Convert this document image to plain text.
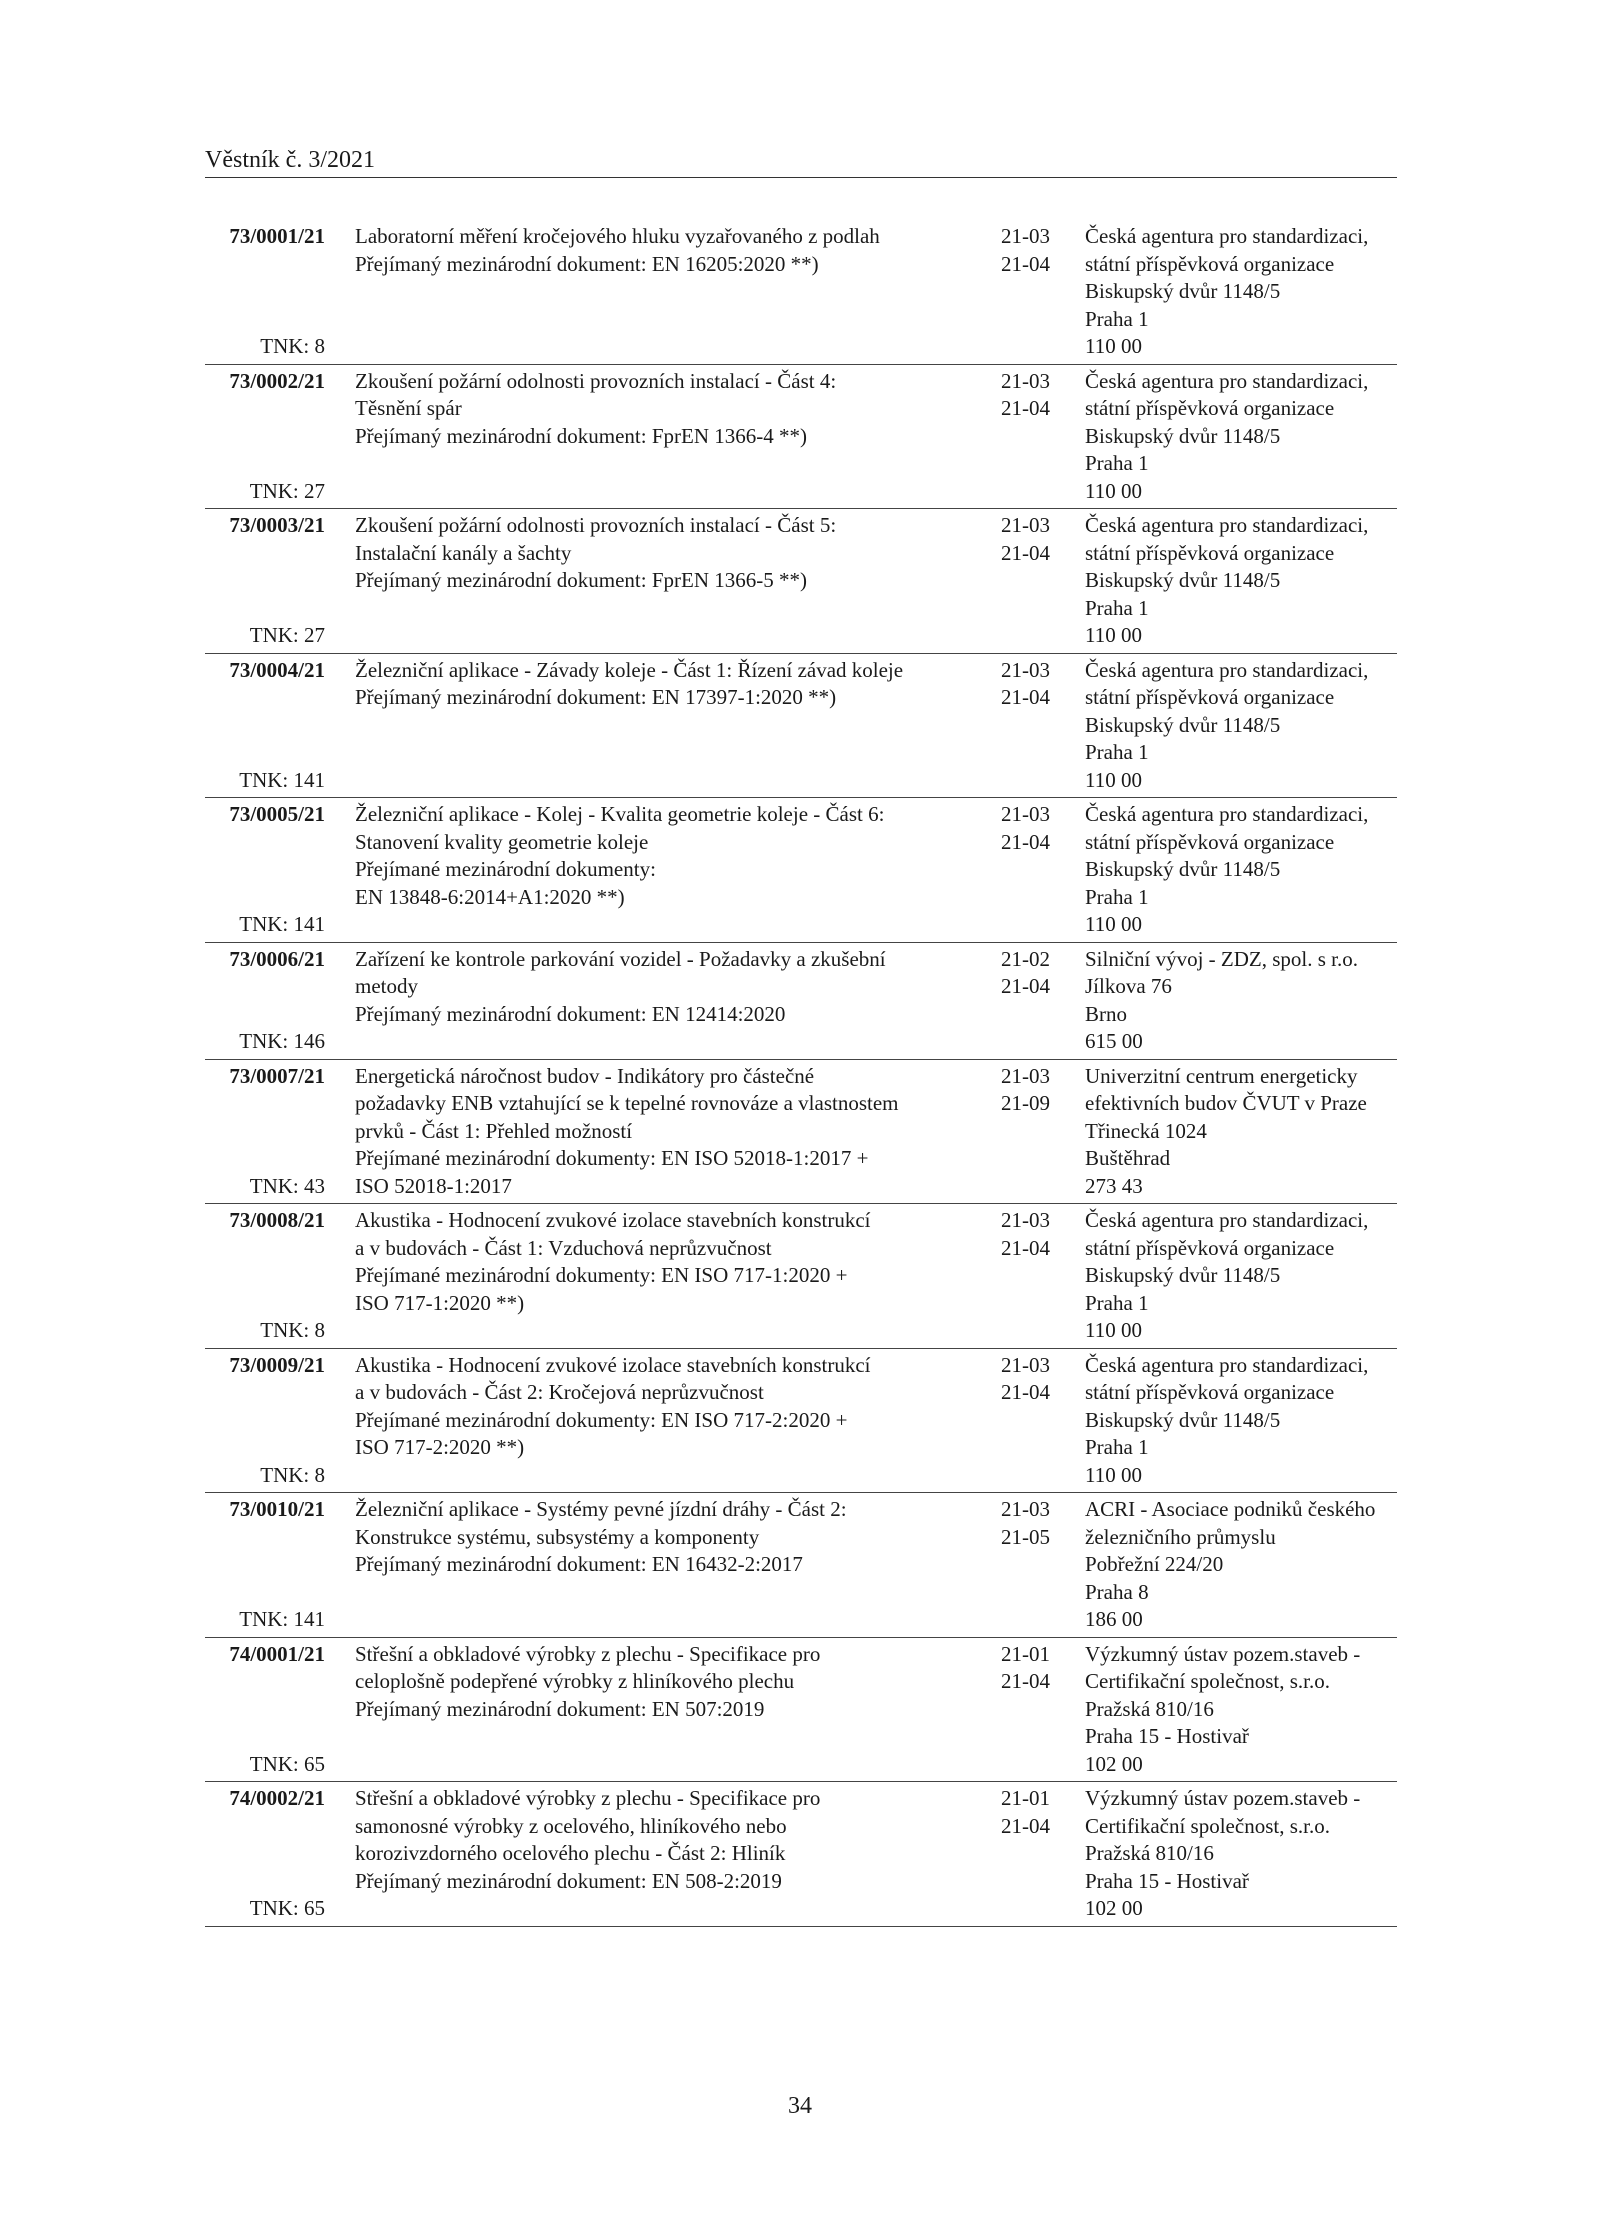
Věstník č. 3/2021
73/0001/21
TNK: 8
Laboratorní měření kročejového hluku vyzařovaného z podlah
Přejímaný mezinárodní dokument: EN 16205:2020 **)
21-03
21-04
Česká agentura pro standardizaci,
státní příspěvková organizace
Biskupský dvůr 1148/5
Praha 1
110 00
73/0002/21
TNK: 27
Zkoušení požární odolnosti provozních instalací - Část 4:
Těsnění spár
Přejímaný mezinárodní dokument: FprEN 1366-4 **)
21-03
21-04
Česká agentura pro standardizaci,
státní příspěvková organizace
Biskupský dvůr 1148/5
Praha 1
110 00
73/0003/21
TNK: 27
Zkoušení požární odolnosti provozních instalací - Část 5:
Instalační kanály a šachty
Přejímaný mezinárodní dokument: FprEN 1366-5 **)
21-03
21-04
Česká agentura pro standardizaci,
státní příspěvková organizace
Biskupský dvůr 1148/5
Praha 1
110 00
73/0004/21
TNK: 141
Železniční aplikace - Závady koleje - Část 1: Řízení závad koleje
Přejímaný mezinárodní dokument: EN 17397-1:2020 **)
21-03
21-04
Česká agentura pro standardizaci,
státní příspěvková organizace
Biskupský dvůr 1148/5
Praha 1
110 00
73/0005/21
TNK: 141
Železniční aplikace - Kolej - Kvalita geometrie koleje - Část 6:
Stanovení kvality geometrie koleje
Přejímané mezinárodní dokumenty:
EN 13848-6:2014+A1:2020 **)
21-03
21-04
Česká agentura pro standardizaci,
státní příspěvková organizace
Biskupský dvůr 1148/5
Praha 1
110 00
73/0006/21
TNK: 146
Zařízení ke kontrole parkování vozidel - Požadavky a zkušební
metody
Přejímaný mezinárodní dokument: EN 12414:2020
21-02
21-04
Silniční vývoj - ZDZ, spol. s r.o.
Jílkova 76
Brno
615 00
73/0007/21
TNK: 43
Energetická náročnost budov - Indikátory pro částečné
požadavky ENB vztahující se k tepelné rovnováze a vlastnostem
prvků - Část 1: Přehled možností
Přejímané mezinárodní dokumenty: EN ISO 52018-1:2017 +
ISO 52018-1:2017
21-03
21-09
Univerzitní centrum energeticky
efektivních budov ČVUT v Praze
Třinecká 1024
Buštěhrad
273 43
73/0008/21
TNK: 8
Akustika - Hodnocení zvukové izolace stavebních konstrukcí
a v budovách - Část 1: Vzduchová neprůzvučnost
Přejímané mezinárodní dokumenty: EN ISO 717-1:2020 +
ISO 717-1:2020 **)
21-03
21-04
Česká agentura pro standardizaci,
státní příspěvková organizace
Biskupský dvůr 1148/5
Praha 1
110 00
73/0009/21
TNK: 8
Akustika - Hodnocení zvukové izolace stavebních konstrukcí
a v budovách - Část 2: Kročejová neprůzvučnost
Přejímané mezinárodní dokumenty: EN ISO 717-2:2020 +
ISO 717-2:2020 **)
21-03
21-04
Česká agentura pro standardizaci,
státní příspěvková organizace
Biskupský dvůr 1148/5
Praha 1
110 00
73/0010/21
TNK: 141
Železniční aplikace - Systémy pevné jízdní dráhy - Část 2:
Konstrukce systému, subsystémy a komponenty
Přejímaný mezinárodní dokument: EN 16432-2:2017
21-03
21-05
ACRI - Asociace podniků českého
železničního průmyslu
Pobřežní 224/20
Praha 8
186 00
74/0001/21
TNK: 65
Střešní a obkladové výrobky z plechu - Specifikace pro
celoplošně podepřené výrobky z hliníkového plechu
Přejímaný mezinárodní dokument: EN 507:2019
21-01
21-04
Výzkumný ústav pozem.staveb -
Certifikační společnost, s.r.o.
Pražská 810/16
Praha 15 - Hostivař
102 00
74/0002/21
TNK: 65
Střešní a obkladové výrobky z plechu - Specifikace pro
samonosné výrobky z ocelového, hliníkového nebo
korozivzdorného ocelového plechu - Část 2: Hliník
Přejímaný mezinárodní dokument: EN 508-2:2019
21-01
21-04
Výzkumný ústav pozem.staveb -
Certifikační společnost, s.r.o.
Pražská 810/16
Praha 15 - Hostivař
102 00
34
